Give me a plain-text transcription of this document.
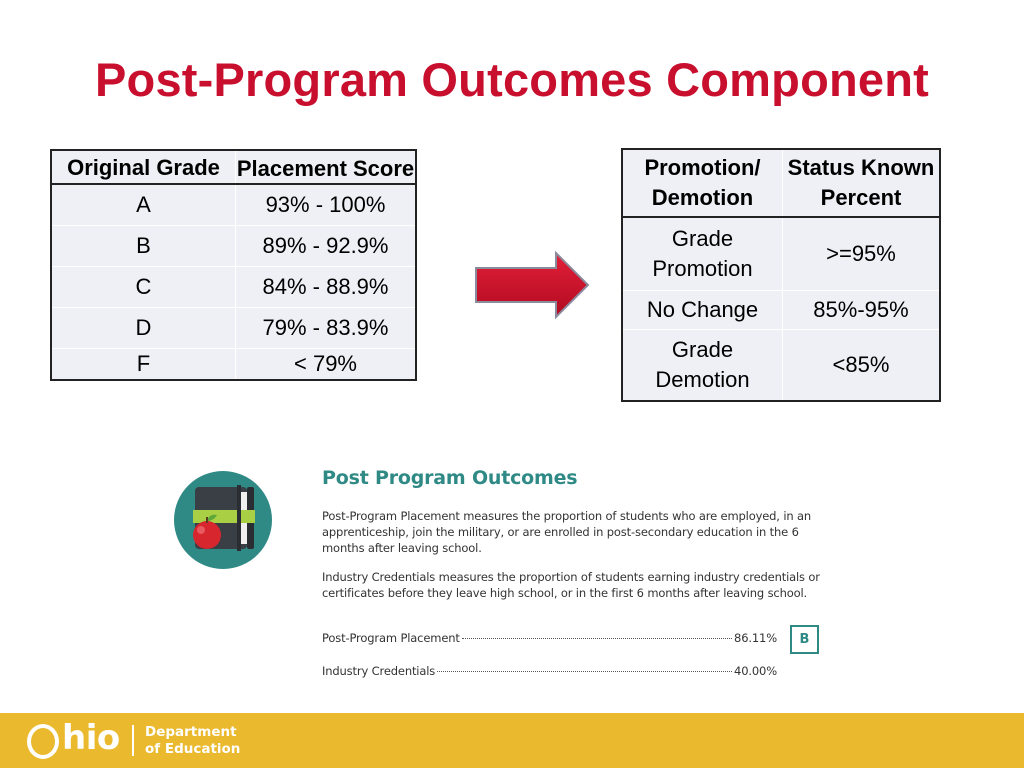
Post-Program Outcomes Component
Original Grade	Placement Score
A	93% - 100%
B	89% - 92.9%
C	84% - 88.9%
D	79% - 83.9%
F	< 79%
Promotion/ Demotion	Status Known Percent
Grade Promotion	>=95%
No Change	85%-95%
Grade Demotion	<85%
Post Program Outcomes
Post-Program Placement measures the proportion of students who are employed, in an apprenticeship, join the military, or are enrolled in post-secondary education in the 6 months after leaving school.
Industry Credentials measures the proportion of students earning industry credentials or certificates before they leave high school, or in the first 6 months after leaving school.
Post-Program Placement	86.11%	B
Industry Credentials	40.00%
hio Department
of Education
